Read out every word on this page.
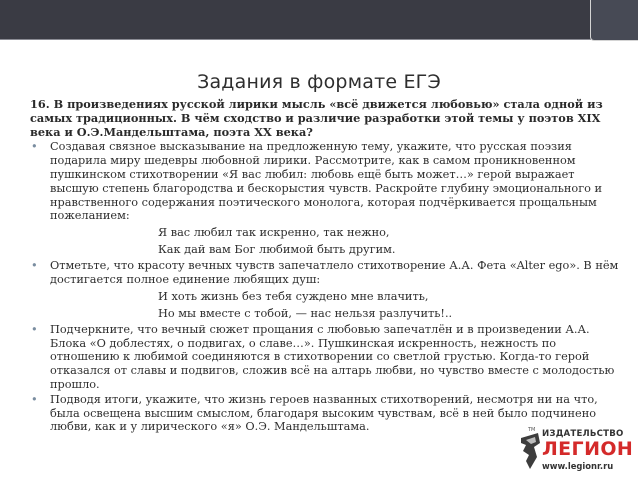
Задания в формате ЕГЭ

16. В произведениях русской лирики мысль «всё движется любовью» стала одной из самых традиционных. В чём сходство и различие разработки этой темы у поэтов XIX века и О.Э.Мандельштама, поэта XX века?

• Создавая связное высказывание на предложенную тему, укажите, что русская поэзия подарила миру шедевры любовной лирики. Рассмотрите, как в самом проникновенном пушкинском стихотворении «Я вас любил: любовь ещё быть может…» герой выражает высшую степень благородства и бескорыстия чувств. Раскройте глубину эмоционального и нравственного содержания поэтического монолога, которая подчёркивается прощальным пожеланием:
Я вас любил так искренно, так нежно,
Как дай вам Бог любимой быть другим.
• Отметьте, что красоту вечных чувств запечатлело стихотворение А.А. Фета «Alter ego». В нём достигается полное единение любящих душ:
И хоть жизнь без тебя суждено мне влачить,
Но мы вместе с тобой, — нас нельзя разлучить!..
• Подчеркните, что вечный сюжет прощания с любовью запечатлён и в произведении А.А. Блока «О доблестях, о подвигах, о славе…». Пушкинская искренность, нежность по отношению к любимой соединяются в стихотворении со светлой грустью. Когда-то герой отказался от славы и подвигов, сложив всё на алтарь любви, но чувство вместе с молодостью прошло.
• Подводя итоги, укажите, что жизнь героев названных стихотворений, несмотря ни на что, была освещена высшим смыслом, благодаря высоким чувствам, всё в ней было подчинено любви, как и у лирического «я» О.Э. Мандельштама.	TM ИЗДАТЕЛЬСТВО
ЛЕГИОН
www.legionr.ru
